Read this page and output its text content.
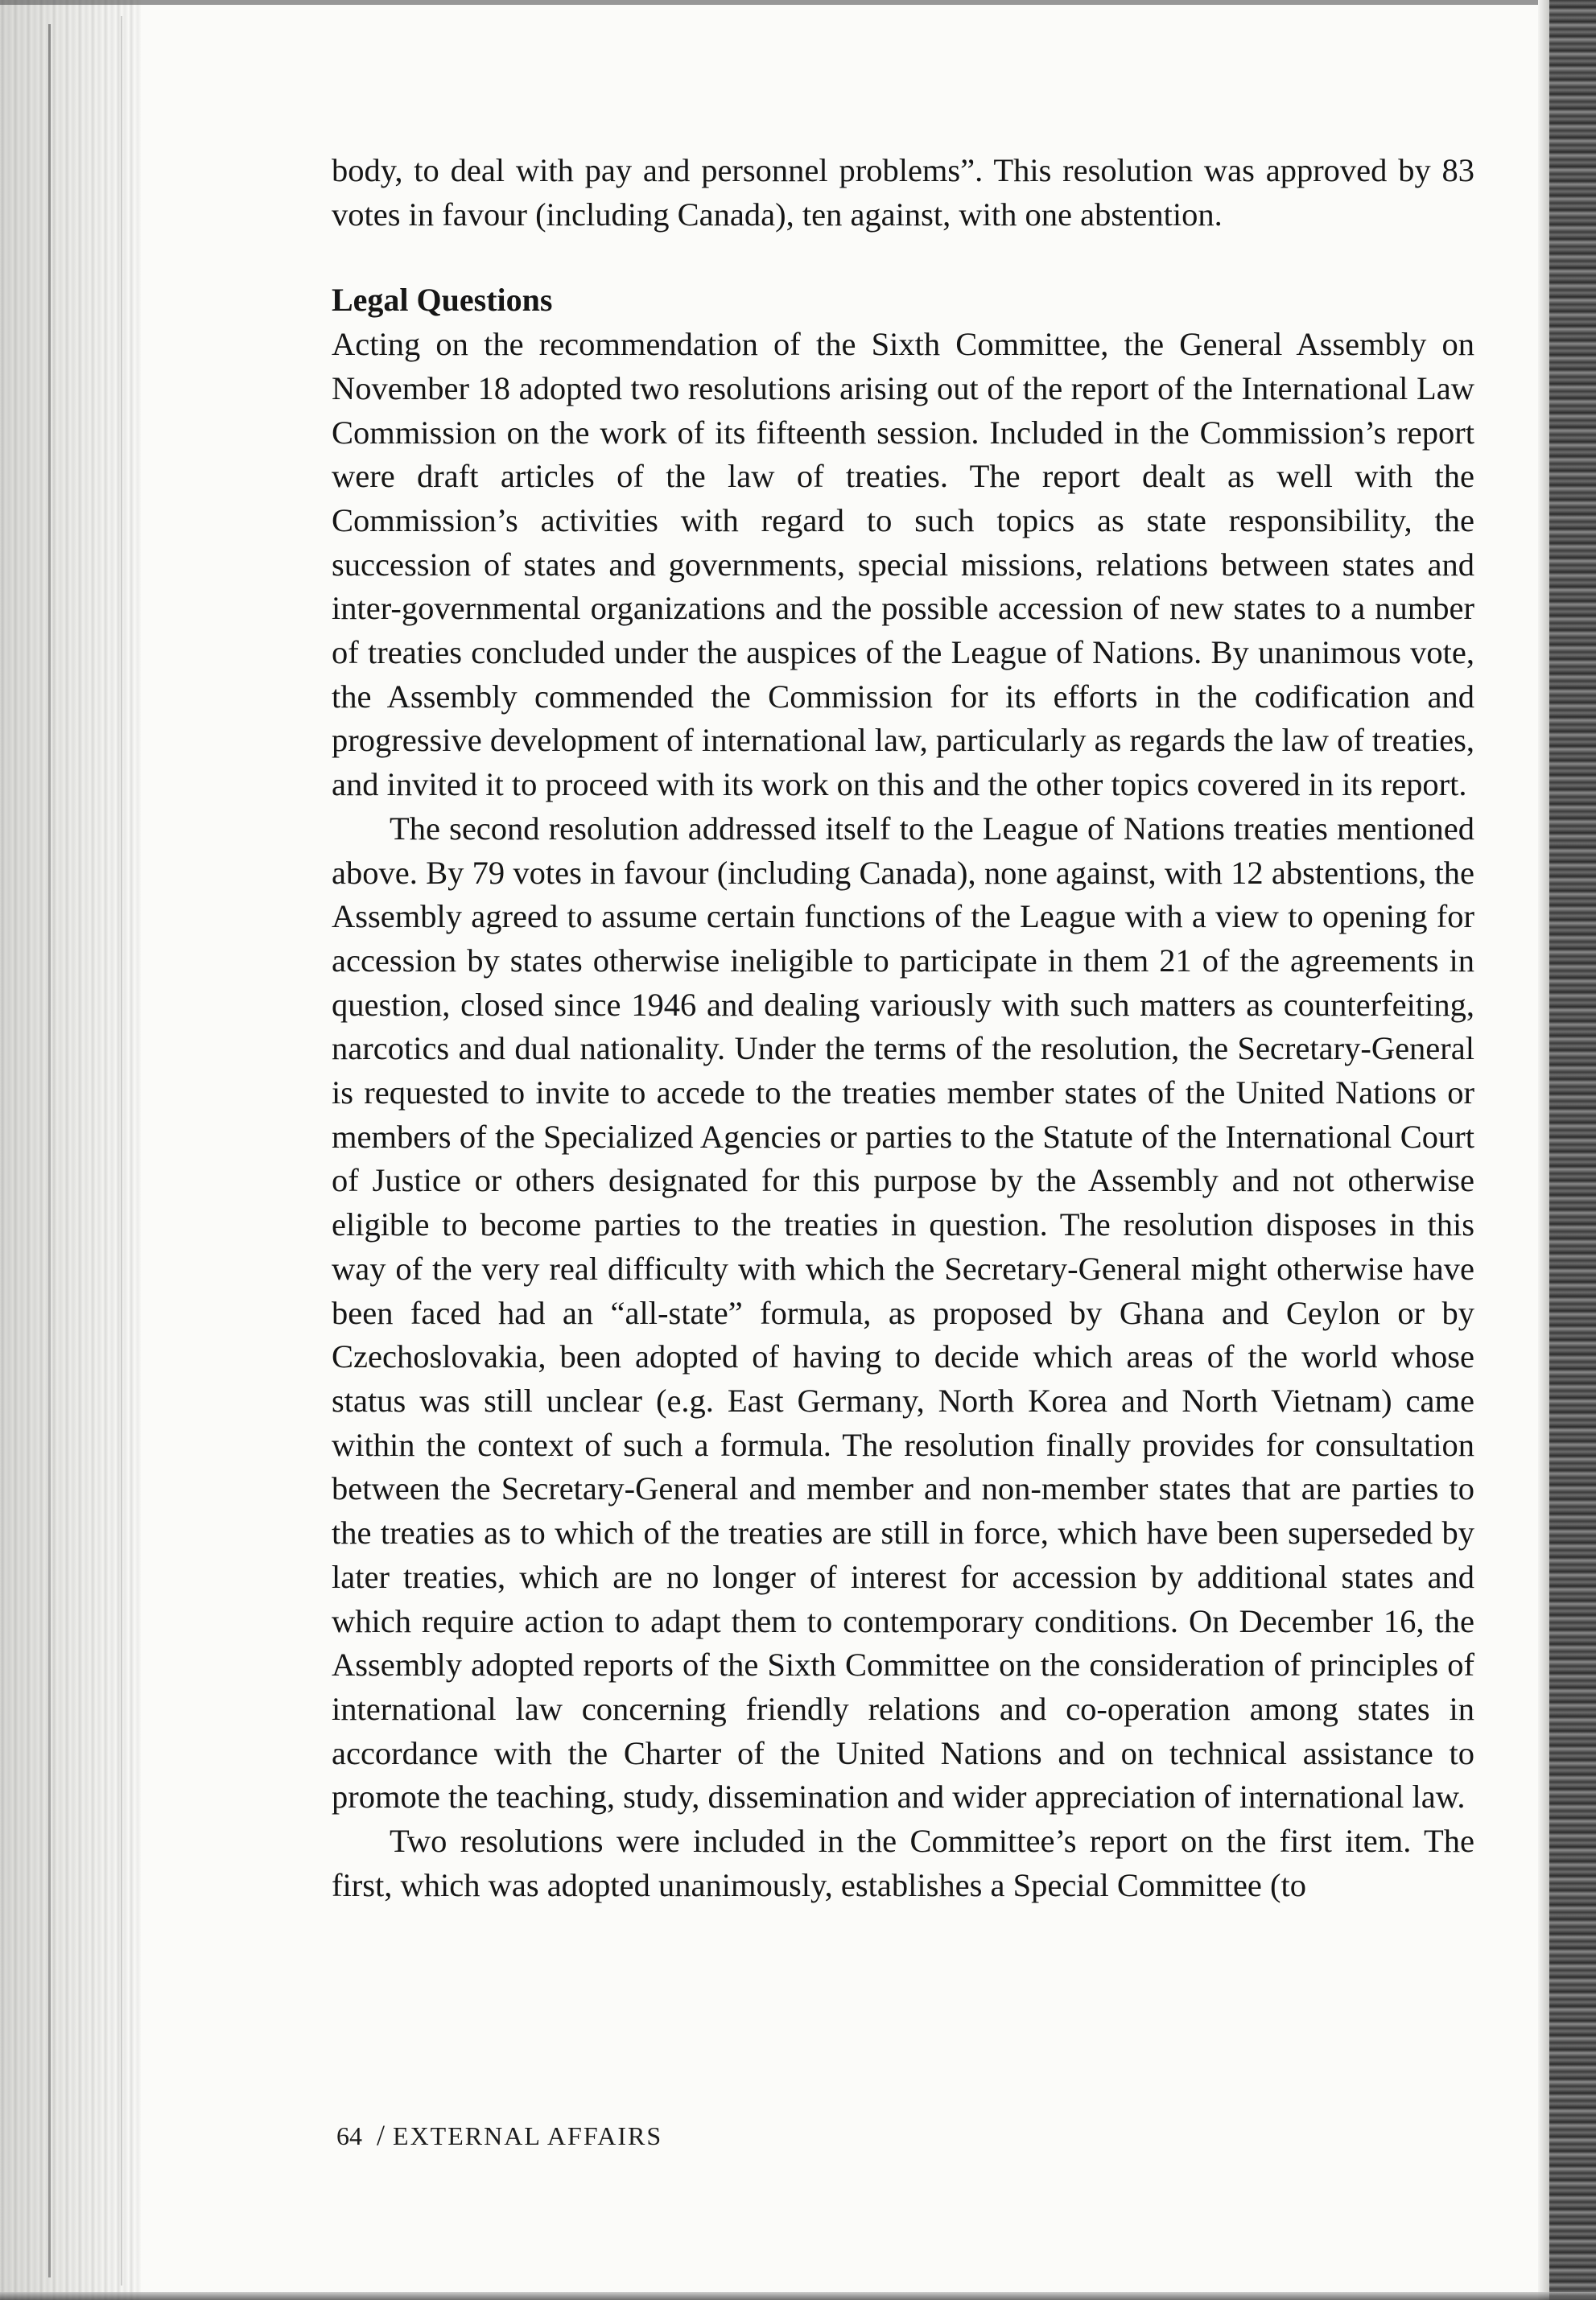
body, to deal with pay and personnel problems”. This resolution was approved by 83 votes in favour (including Canada), ten against, with one abstention.

Legal Questions

Acting on the recommendation of the Sixth Committee, the General Assembly on November 18 adopted two resolutions arising out of the report of the International Law Commission on the work of its fifteenth session. Included in the Commission’s report were draft articles of the law of treaties. The report dealt as well with the Commission’s activities with regard to such topics as state responsibility, the succession of states and governments, special missions, relations between states and inter-governmental organizations and the possible accession of new states to a number of treaties concluded under the auspices of the League of Nations. By unanimous vote, the Assembly commended the Commission for its efforts in the codification and progressive development of international law, particularly as regards the law of treaties, and invited it to proceed with its work on this and the other topics covered in its report.

The second resolution addressed itself to the League of Nations treaties mentioned above. By 79 votes in favour (including Canada), none against, with 12 abstentions, the Assembly agreed to assume certain functions of the League with a view to opening for accession by states otherwise ineligible to participate in them 21 of the agreements in question, closed since 1946 and dealing variously with such matters as counterfeiting, narcotics and dual nationality. Under the terms of the resolution, the Secretary-General is requested to invite to accede to the treaties member states of the United Nations or members of the Specialized Agencies or parties to the Statute of the International Court of Justice or others designated for this purpose by the Assembly and not otherwise eligible to become parties to the treaties in question. The resolution disposes in this way of the very real difficulty with which the Secretary-General might otherwise have been faced had an “all-state” formula, as proposed by Ghana and Ceylon or by Czechoslovakia, been adopted of having to decide which areas of the world whose status was still unclear (e.g. East Germany, North Korea and North Vietnam) came within the context of such a formula. The resolution finally provides for consultation between the Secretary-General and member and non-member states that are parties to the treaties as to which of the treaties are still in force, which have been superseded by later treaties, which are no longer of interest for accession by additional states and which require action to adapt them to contemporary conditions. On December 16, the Assembly adopted reports of the Sixth Committee on the consideration of principles of international law concerning friendly relations and co-operation among states in accordance with the Charter of the United Nations and on technical assistance to promote the teaching, study, dissemination and wider appreciation of international law.

Two resolutions were included in the Committee’s report on the first item. The first, which was adopted unanimously, establishes a Special Committee (to

64 / EXTERNAL AFFAIRS
